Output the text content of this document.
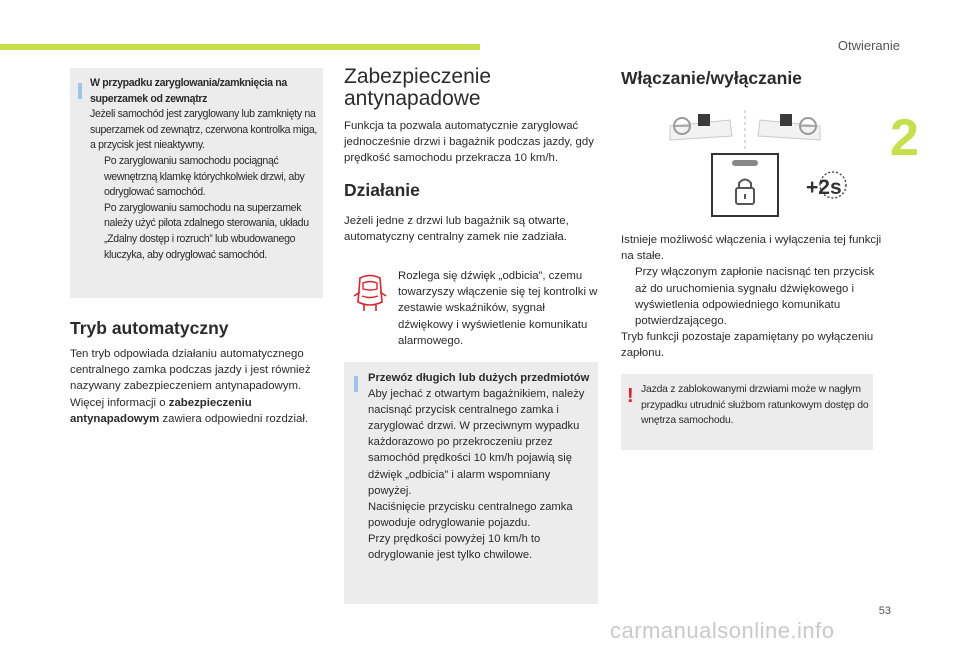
Otwieranie
2
W przypadku zaryglowania/zamknięcia na superzamek od zewnątrz
Jeżeli samochód jest zaryglowany lub zamknięty na superzamek od zewnątrz, czerwona kontrolka miga, a przycisk jest nieaktywny.
Po zaryglowaniu samochodu pociągnąć wewnętrzną klamkę którychkolwiek drzwi, aby odryglować samochód.
Po zaryglowaniu samochodu na superzamek należy użyć pilota zdalnego sterowania, układu „Zdalny dostęp i rozruch” lub wbudowanego kluczyka, aby odryglować samochód.
Tryb automatyczny
Ten tryb odpowiada działaniu automatycznego centralnego zamka podczas jazdy i jest również nazywany zabezpieczeniem antynapadowym.
Więcej informacji o zabezpieczeniu antynapadowym zawiera odpowiedni rozdział.
Zabezpieczenie
antynapadowe
Funkcja ta pozwala automatycznie zaryglować jednocześnie drzwi i bagażnik podczas jazdy, gdy prędkość samochodu przekracza 10 km/h.
Działanie
Jeżeli jedne z drzwi lub bagażnik są otwarte, automatyczny centralny zamek nie zadziała.
Rozlega się dźwięk „odbicia”, czemu towarzyszy włączenie się tej kontrolki w zestawie wskaźników, sygnał dźwiękowy i wyświetlenie komunikatu alarmowego.
Przewóz długich lub dużych przedmiotów
Aby jechać z otwartym bagażnikiem, należy nacisnąć przycisk centralnego zamka i zaryglować drzwi. W przeciwnym wypadku każdorazowo po przekroczeniu przez samochód prędkości 10 km/h pojawią się dźwięk „odbicia” i alarm wspomniany powyżej.
Naciśnięcie przycisku centralnego zamka powoduje odryglowanie pojazdu.
Przy prędkości powyżej 10 km/h to odryglowanie jest tylko chwilowe.
Włączanie/wyłączanie
+2s
Istnieje możliwość włączenia i wyłączenia tej funkcji na stałe.
Przy włączonym zapłonie nacisnąć ten przycisk aż do uruchomienia sygnału dźwiękowego i wyświetlenia odpowiedniego komunikatu potwierdzającego.
Tryb funkcji pozostaje zapamiętany po wyłączeniu zapłonu.
! Jazda z zablokowanymi drzwiami może w nagłym przypadku utrudnić służbom ratunkowym dostęp do wnętrza samochodu.
53
carmanualsonline.info
